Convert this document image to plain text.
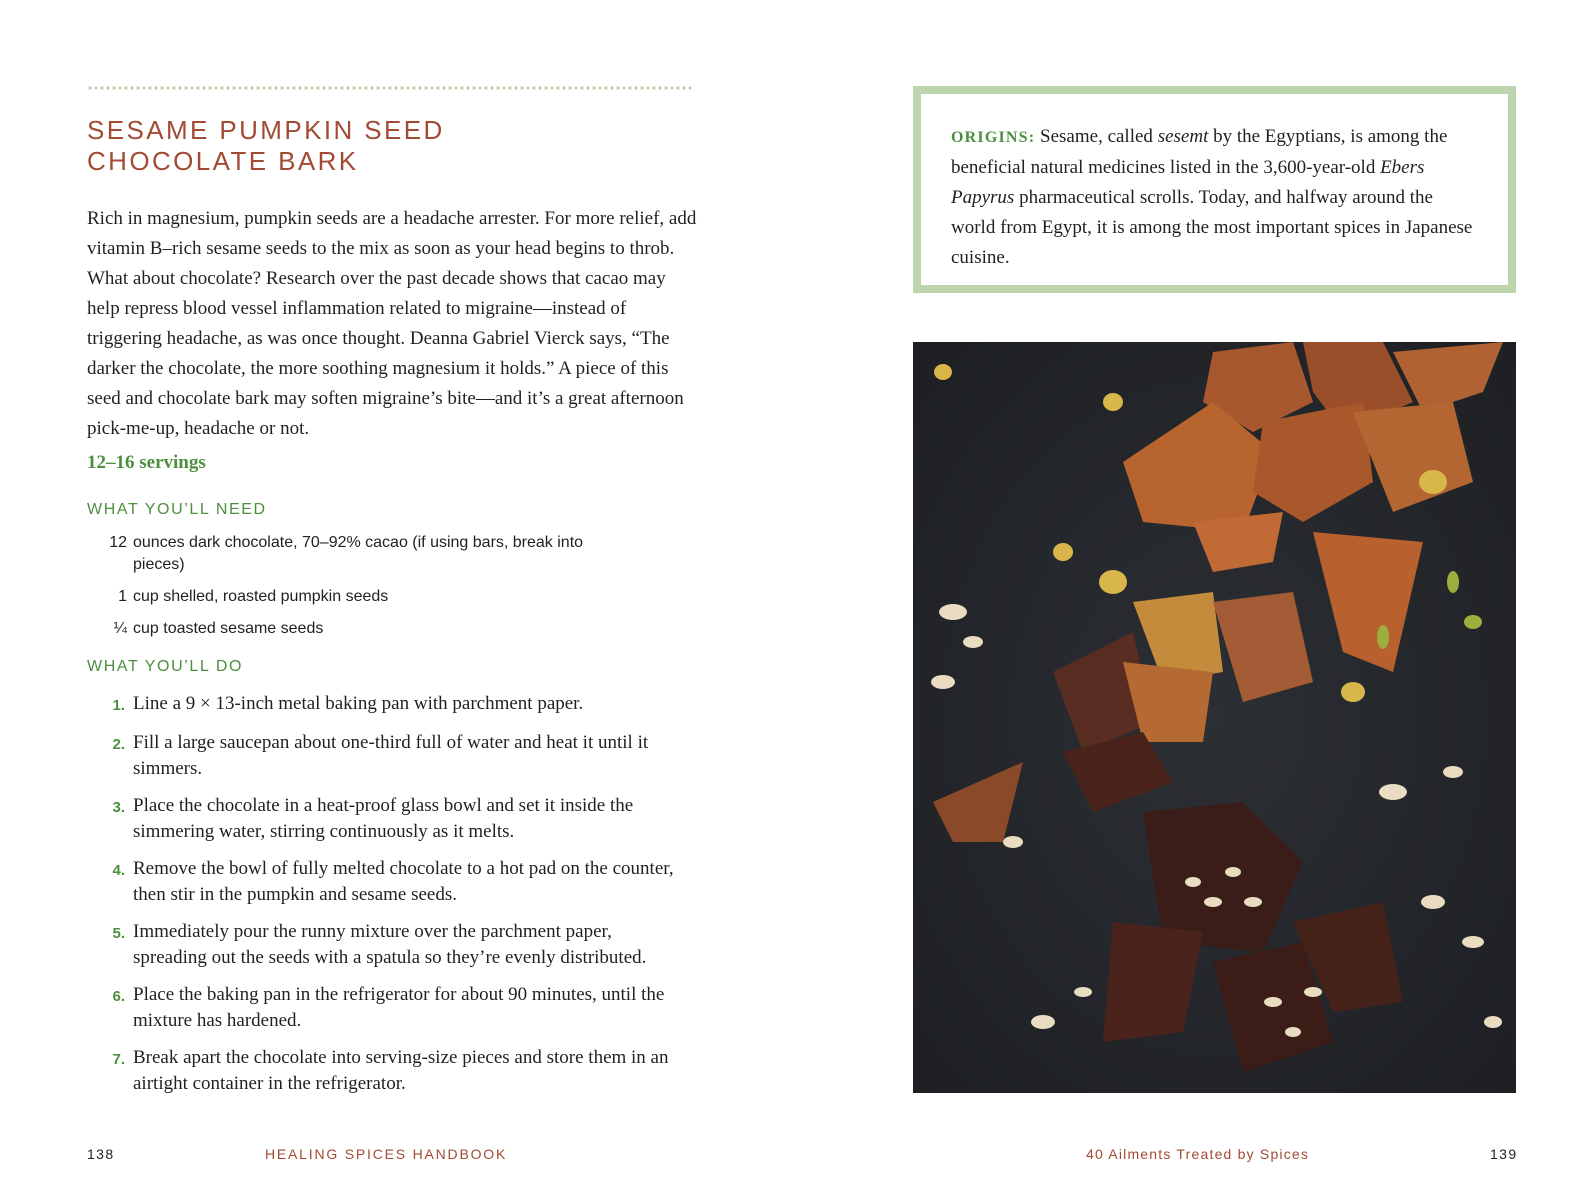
SESAME PUMPKIN SEED
CHOCOLATE BARK

Rich in magnesium, pumpkin seeds are a headache arrester. For more relief, add vitamin B–rich sesame seeds to the mix as soon as your head begins to throb. What about chocolate? Research over the past decade shows that cacao may help repress blood vessel inflammation related to migraine—instead of triggering headache, as was once thought. Deanna Gabriel Vierck says, “The darker the chocolate, the more soothing magnesium it holds.” A piece of this seed and chocolate bark may soften migraine’s bite—and it’s a great afternoon pick-me-up, headache or not.

12–16 servings
WHAT YOU’LL NEED
12 ounces dark chocolate, 70–92% cacao (if using bars, break into pieces)
1 cup shelled, roasted pumpkin seeds
¼ cup toasted sesame seeds
WHAT YOU’LL DO
1. Line a 9 × 13-inch metal baking pan with parchment paper.
2. Fill a large saucepan about one-third full of water and heat it until it simmers.
3. Place the chocolate in a heat-proof glass bowl and set it inside the simmering water, stirring continuously as it melts.
4. Remove the bowl of fully melted chocolate to a hot pad on the counter, then stir in the pumpkin and sesame seeds.
5. Immediately pour the runny mixture over the parchment paper, spreading out the seeds with a spatula so they’re evenly distributed.
6. Place the baking pan in the refrigerator for about 90 minutes, until the mixture has hardened.
7. Break apart the chocolate into serving-size pieces and store them in an airtight container in the refrigerator.

ORIGINS: Sesame, called sesemt by the Egyptians, is among the beneficial natural medicines listed in the 3,600-year-old Ebers Papyrus pharmaceutical scrolls. Today, and halfway around the world from Egypt, it is among the most important spices in Japanese cuisine.

138	HEALING SPICES HANDBOOK	40 Ailments Treated by Spices	139
